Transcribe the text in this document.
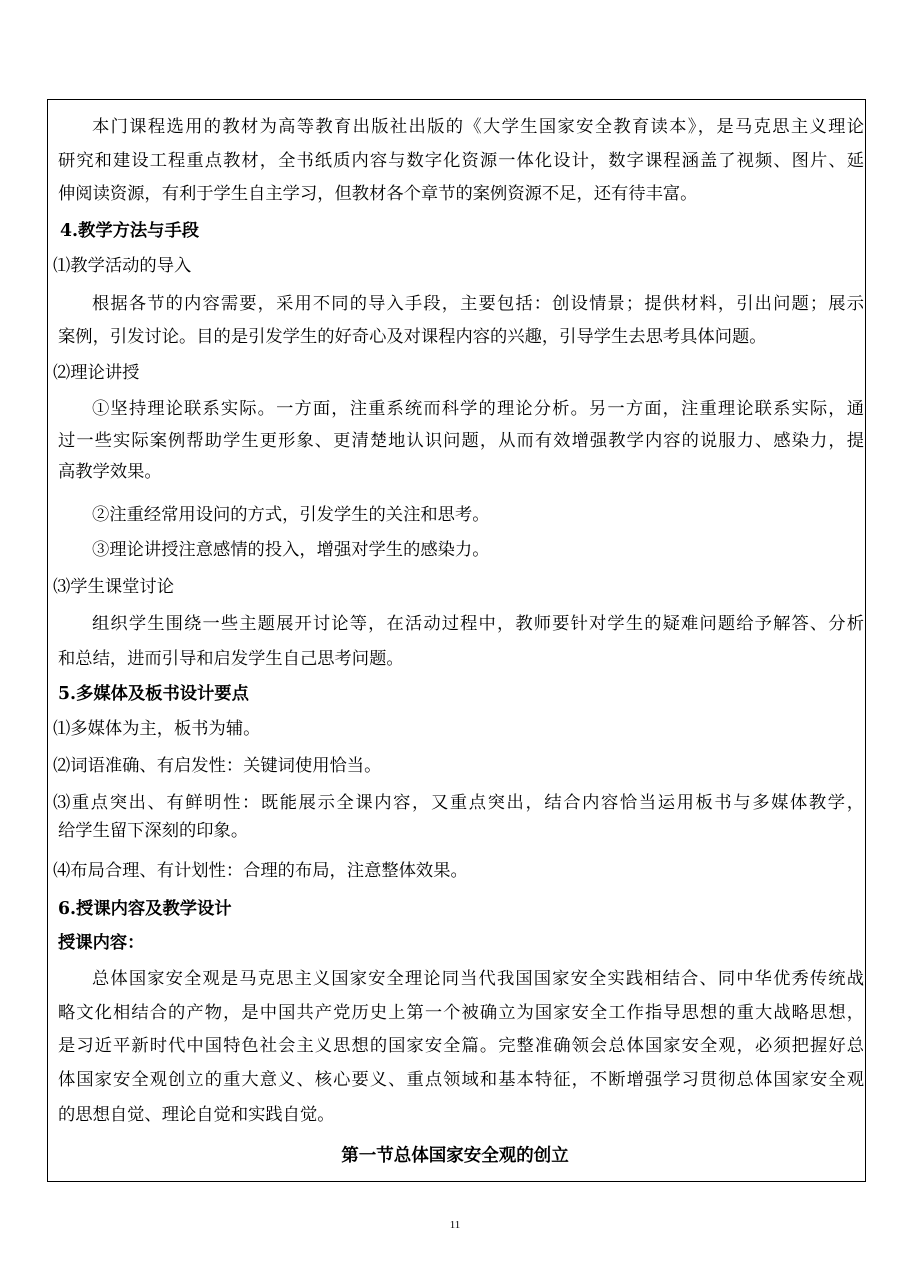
本门课程选用的教材为高等教育出版社出版的《大学生国家安全教育读本》，是马克思主义理论

研究和建设工程重点教材，全书纸质内容与数字化资源一体化设计，数字课程涵盖了视频、图片、延

伸阅读资源，有利于学生自主学习，但教材各个章节的案例资源不足，还有待丰富。

4.教学方法与手段

⑴教学活动的导入

根据各节的内容需要，采用不同的导入手段，主要包括：创设情景；提供材料，引出问题；展示

案例，引发讨论。目的是引发学生的好奇心及对课程内容的兴趣，引导学生去思考具体问题。

⑵理论讲授

①坚持理论联系实际。一方面，注重系统而科学的理论分析。另一方面，注重理论联系实际，通

过一些实际案例帮助学生更形象、更清楚地认识问题，从而有效增强教学内容的说服力、感染力，提

高教学效果。

②注重经常用设问的方式，引发学生的关注和思考。

③理论讲授注意感情的投入，增强对学生的感染力。

⑶学生课堂讨论

组织学生围绕一些主题展开讨论等，在活动过程中，教师要针对学生的疑难问题给予解答、分析

和总结，进而引导和启发学生自己思考问题。

5.多媒体及板书设计要点

⑴多媒体为主，板书为辅。

⑵词语准确、有启发性：关键词使用恰当。

⑶重点突出、有鲜明性：既能展示全课内容，又重点突出，结合内容恰当运用板书与多媒体教学，

给学生留下深刻的印象。

⑷布局合理、有计划性：合理的布局，注意整体效果。

6.授课内容及教学设计

授课内容：

总体国家安全观是马克思主义国家安全理论同当代我国国家安全实践相结合、同中华优秀传统战

略文化相结合的产物，是中国共产党历史上第一个被确立为国家安全工作指导思想的重大战略思想，

是习近平新时代中国特色社会主义思想的国家安全篇。完整准确领会总体国家安全观，必须把握好总

体国家安全观创立的重大意义、核心要义、重点领域和基本特征，不断增强学习贯彻总体国家安全观

的思想自觉、理论自觉和实践自觉。

第一节总体国家安全观的创立

11
